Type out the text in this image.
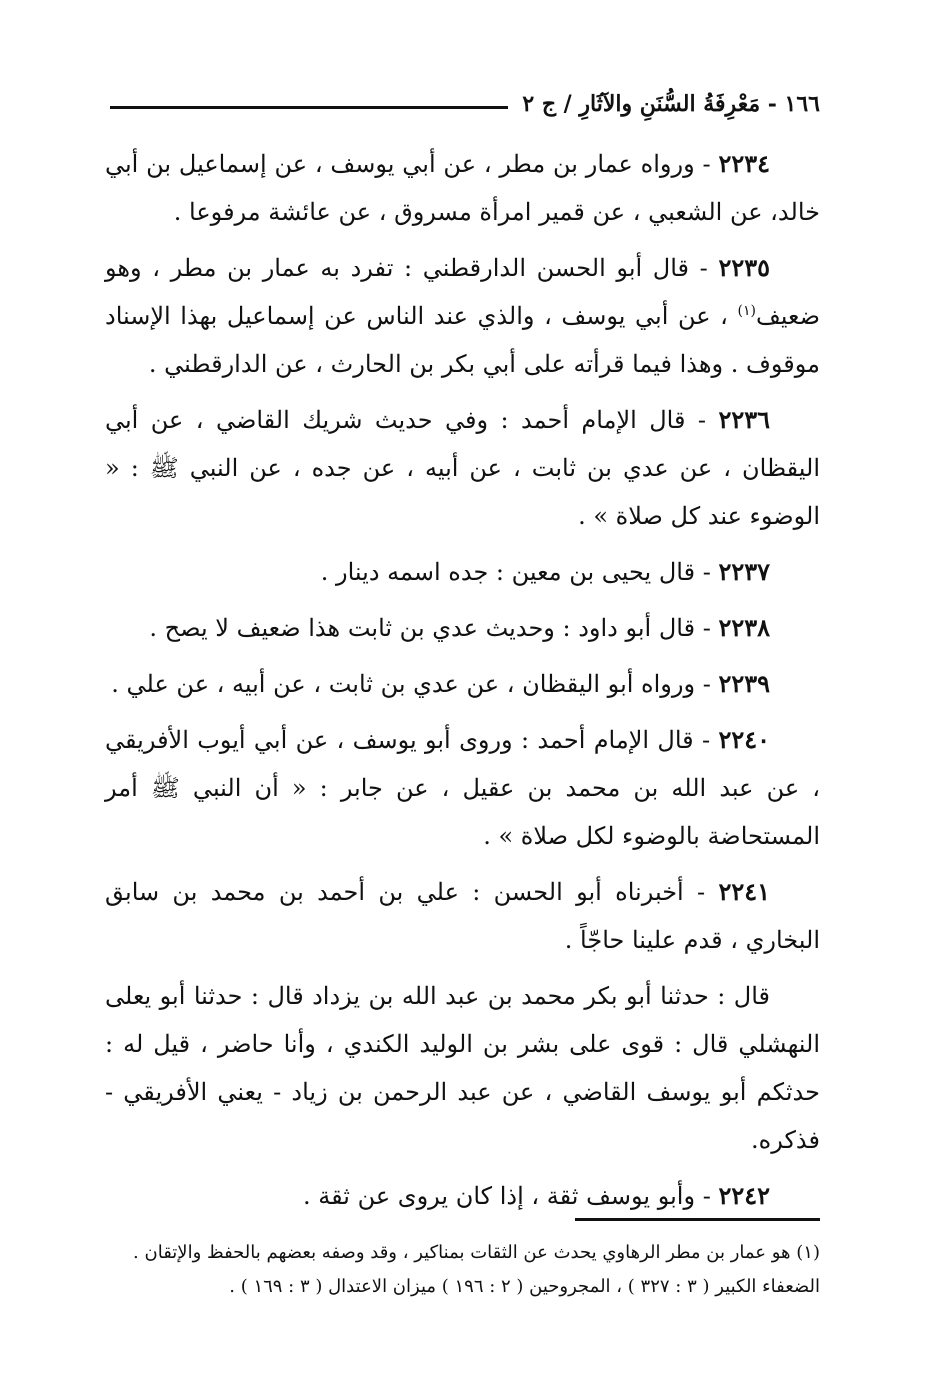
١٦٦ - مَعْرِفَةُ السُّنَنِ والآثَارِ / ج ٢

٢٢٣٤ - ورواه عمار بن مطر ، عن أبي يوسف ، عن إسماعيل بن أبي خالد، عن الشعبي ، عن قمير امرأة مسروق ، عن عائشة مرفوعا .

٢٢٣٥ - قال أبو الحسن الدارقطني : تفرد به عمار بن مطر ، وهو ضعيف$^{(١)}$ ، عن أبي يوسف ، والذي عند الناس عن إسماعيل بهذا الإسناد موقوف . وهذا فيما قرأته على أبي بكر بن الحارث ، عن الدارقطني .

٢٢٣٦ - قال الإمام أحمد : وفي حديث شريك القاضي ، عن أبي اليقظان ، عن عدي بن ثابت ، عن أبيه ، عن جده ، عن النبي ﷺ : « الوضوء عند كل صلاة » .

٢٢٣٧ - قال يحيى بن معين : جده اسمه دينار .

٢٢٣٨ - قال أبو داود : وحديث عدي بن ثابت هذا ضعيف لا يصح .

٢٢٣٩ - ورواه أبو اليقظان ، عن عدي بن ثابت ، عن أبيه ، عن علي .

٢٢٤٠ - قال الإمام أحمد : وروى أبو يوسف ، عن أبي أيوب الأفريقي ، عن عبد الله بن محمد بن عقيل ، عن جابر : « أن النبي ﷺ أمر المستحاضة بالوضوء لكل صلاة » .

٢٢٤١ - أخبرناه أبو الحسن : علي بن أحمد بن محمد بن سابق البخاري ، قدم علينا حاجّاً .

قال : حدثنا أبو بكر محمد بن عبد الله بن يزداد قال : حدثنا أبو يعلى النهشلي قال : قوى على بشر بن الوليد الكندي ، وأنا حاضر ، قيل له : حدثكم أبو يوسف القاضي ، عن عبد الرحمن بن زياد - يعني الأفريقي - فذكره.

٢٢٤٢ - وأبو يوسف ثقة ، إذا كان يروى عن ثقة .

(١) هو عمار بن مطر الرهاوي يحدث عن الثقات بمناكير ، وقد وصفه بعضهم بالحفظ والإتقان .
الضعفاء الكبير ( ٣ : ٣٢٧ ) ، المجروحين ( ٢ : ١٩٦ ) ميزان الاعتدال ( ٣ : ١٦٩ ) .
